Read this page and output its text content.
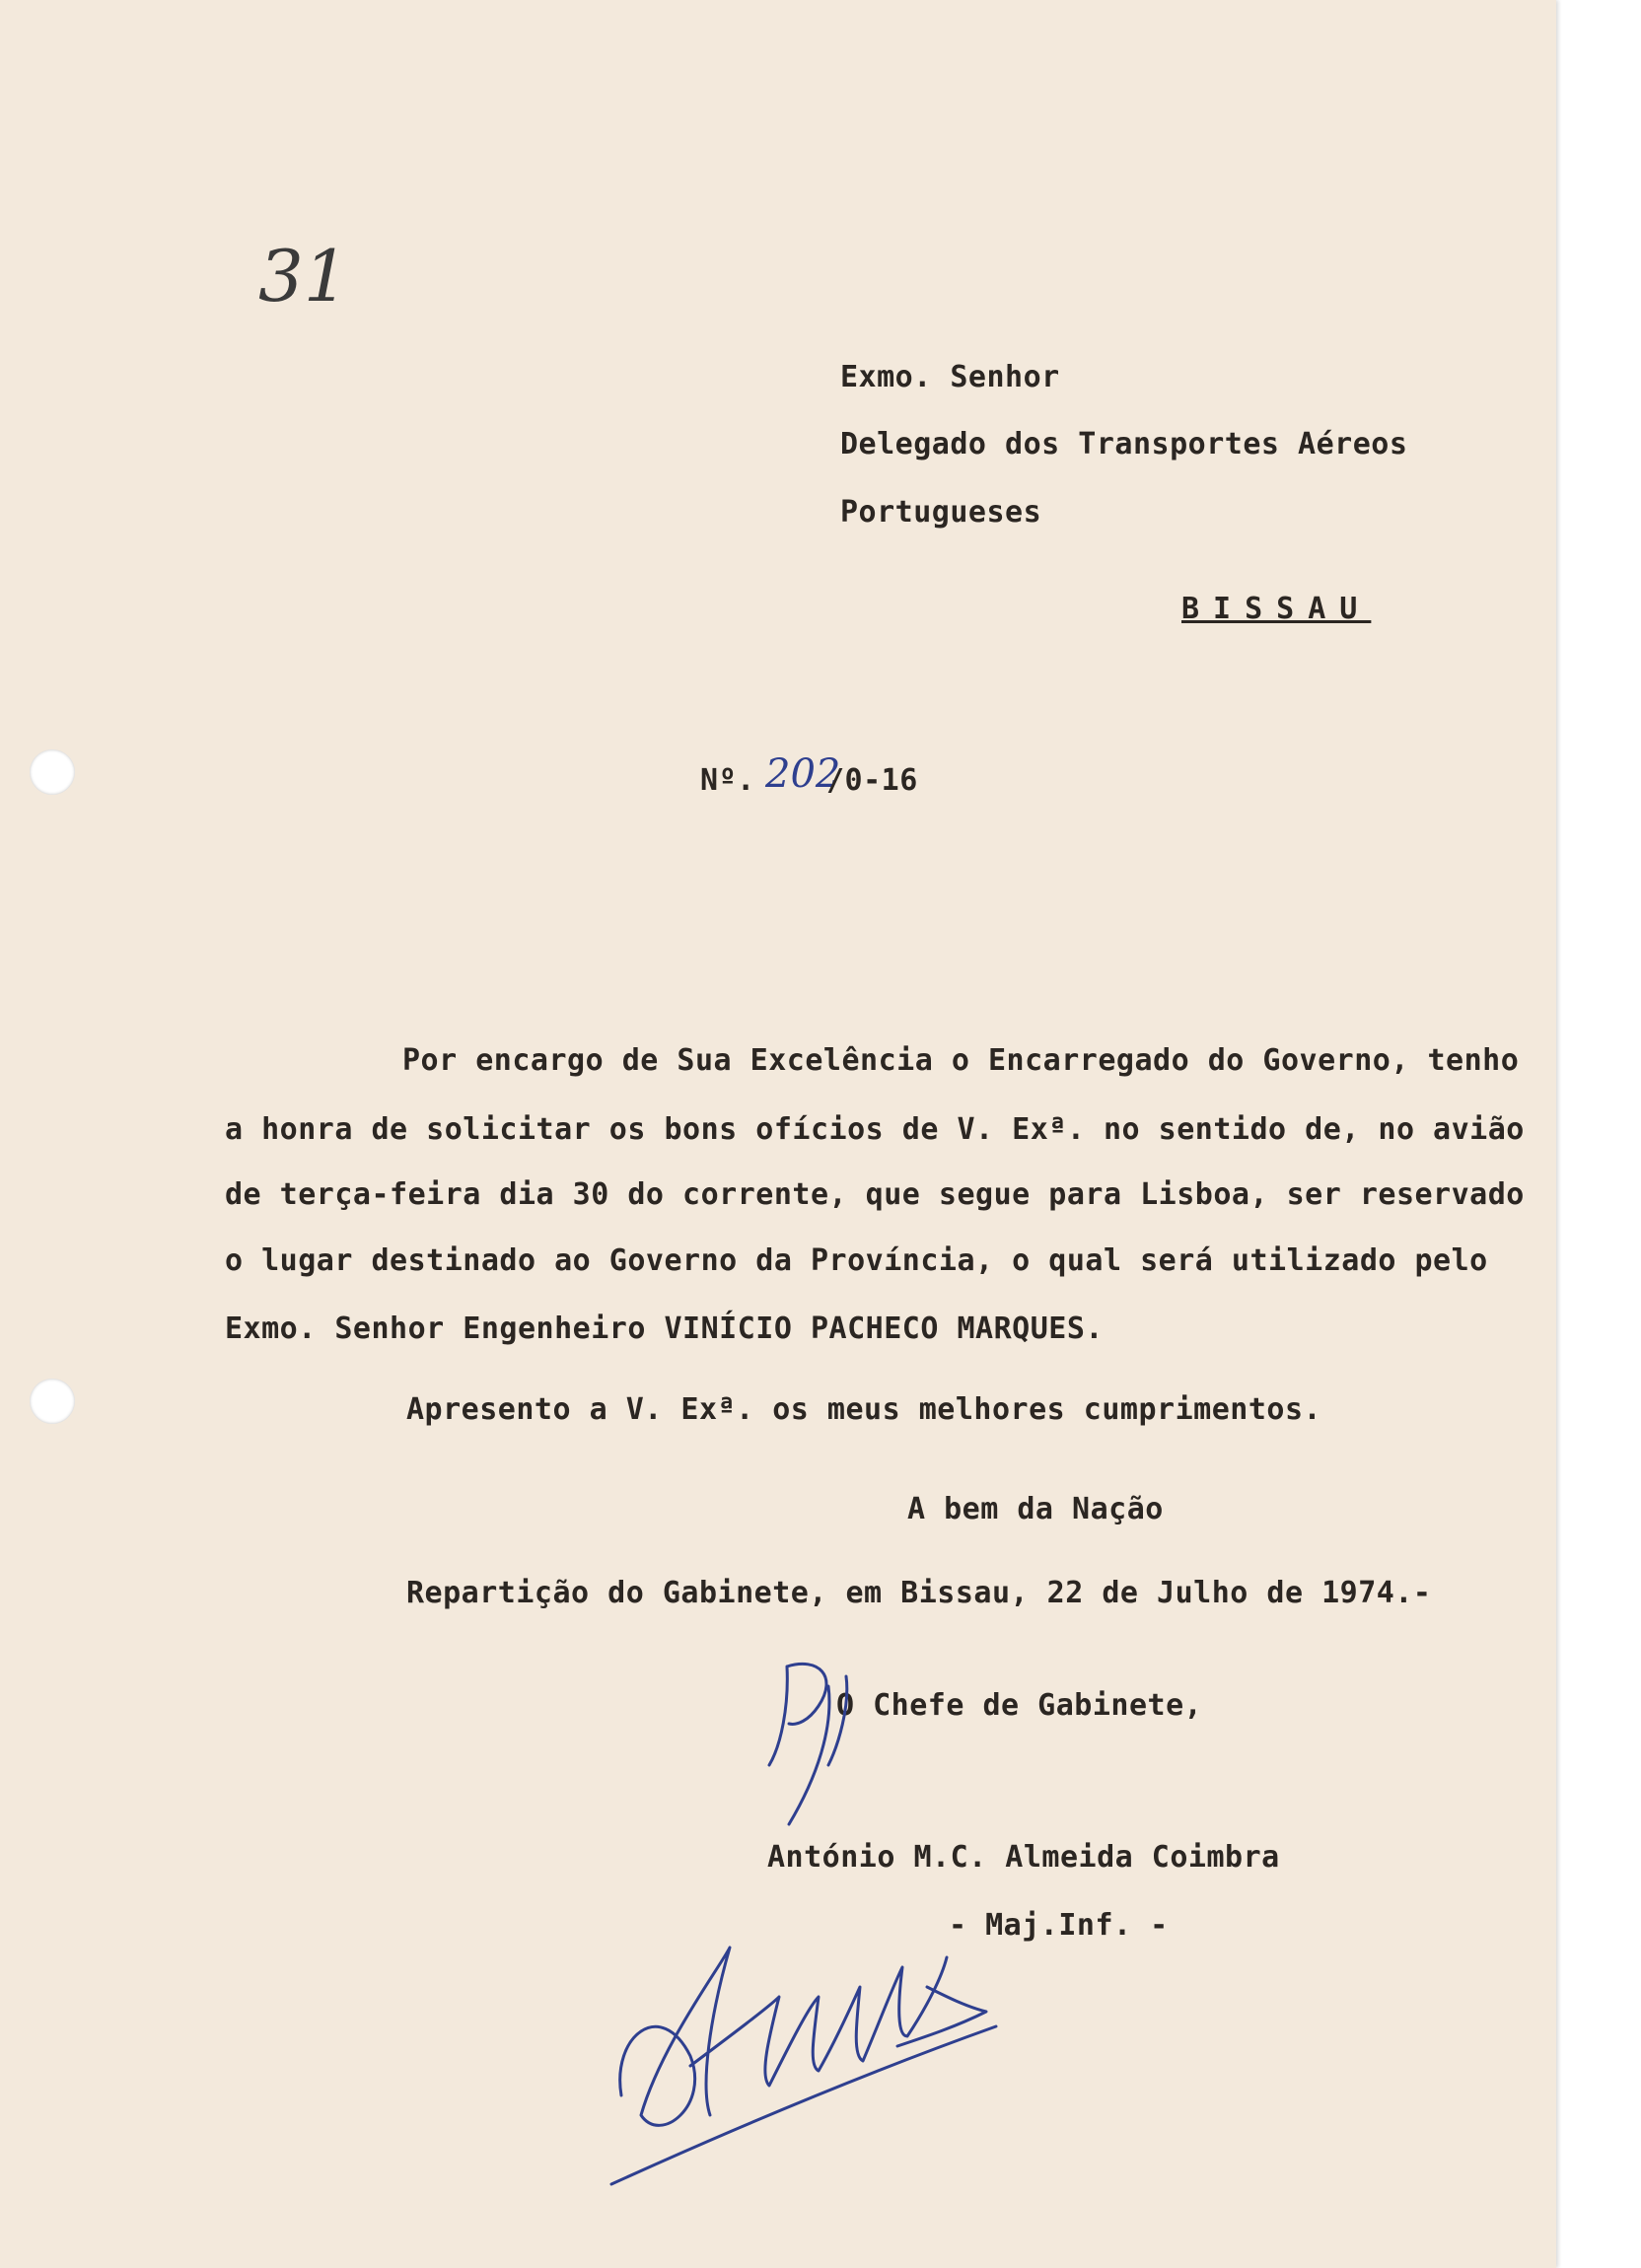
31
Exmo. Senhor
Delegado dos Transportes Aéreos
Portugueses
BISSAU
Nº. 202
/0-16
Por encargo de Sua Excelência o Encarregado do Governo, tenho
a honra de solicitar os bons ofícios de V. Exª. no sentido de, no avião
de terça-feira dia 30 do corrente, que segue para Lisboa, ser reservado
o lugar destinado ao Governo da Província, o qual será utilizado pelo
Exmo. Senhor Engenheiro VINÍCIO PACHECO MARQUES.
Apresento a V. Exª. os meus melhores cumprimentos.
A bem da Nação
Repartição do Gabinete, em Bissau, 22 de Julho de 1974.-
O Chefe de Gabinete,
António M.C. Almeida Coimbra
- Maj.Inf. -
